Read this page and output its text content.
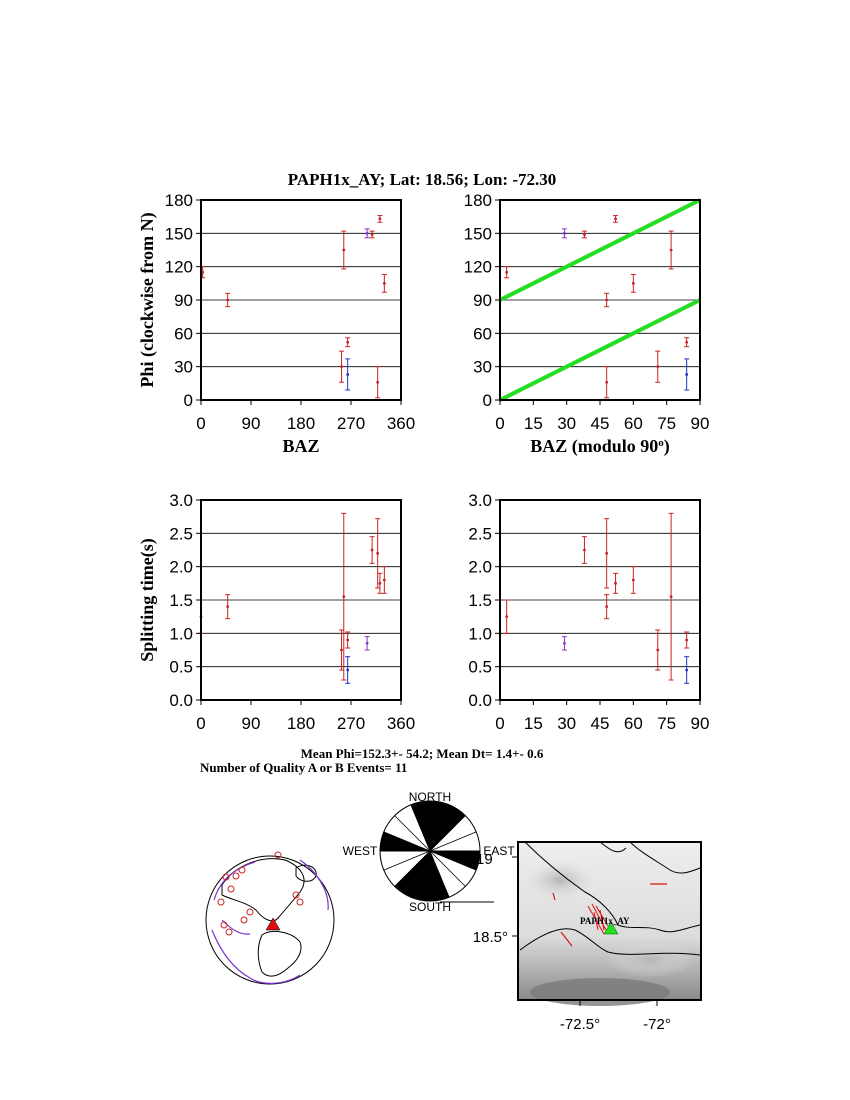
PAPH1x_AY; Lat: 18.56; Lon: -72.30
0
30
60
90
120
150
180
0 90 180 270 360
BAZ
Phi (clockwise from N)
0
30
60
90
120
150
180
0 15 30 45 60 75 90
BAZ (modulo 90$^o$)
0.0
0.5
1.0
1.5
2.0
2.5
3.0
0 90 180 270 360
Splitting time(s)
0.0
0.5
1.0
1.5
2.0
2.5
3.0
0 15 30 45 60 75 90
Mean Phi=152.3+- 54.2; Mean Dt= 1.4+- 0.6
Number of Quality A or B Events= 11
NORTH
SOUTH
WEST	EAST
PAPH1x_AY
18.5°
19
-72.5°	-72°
